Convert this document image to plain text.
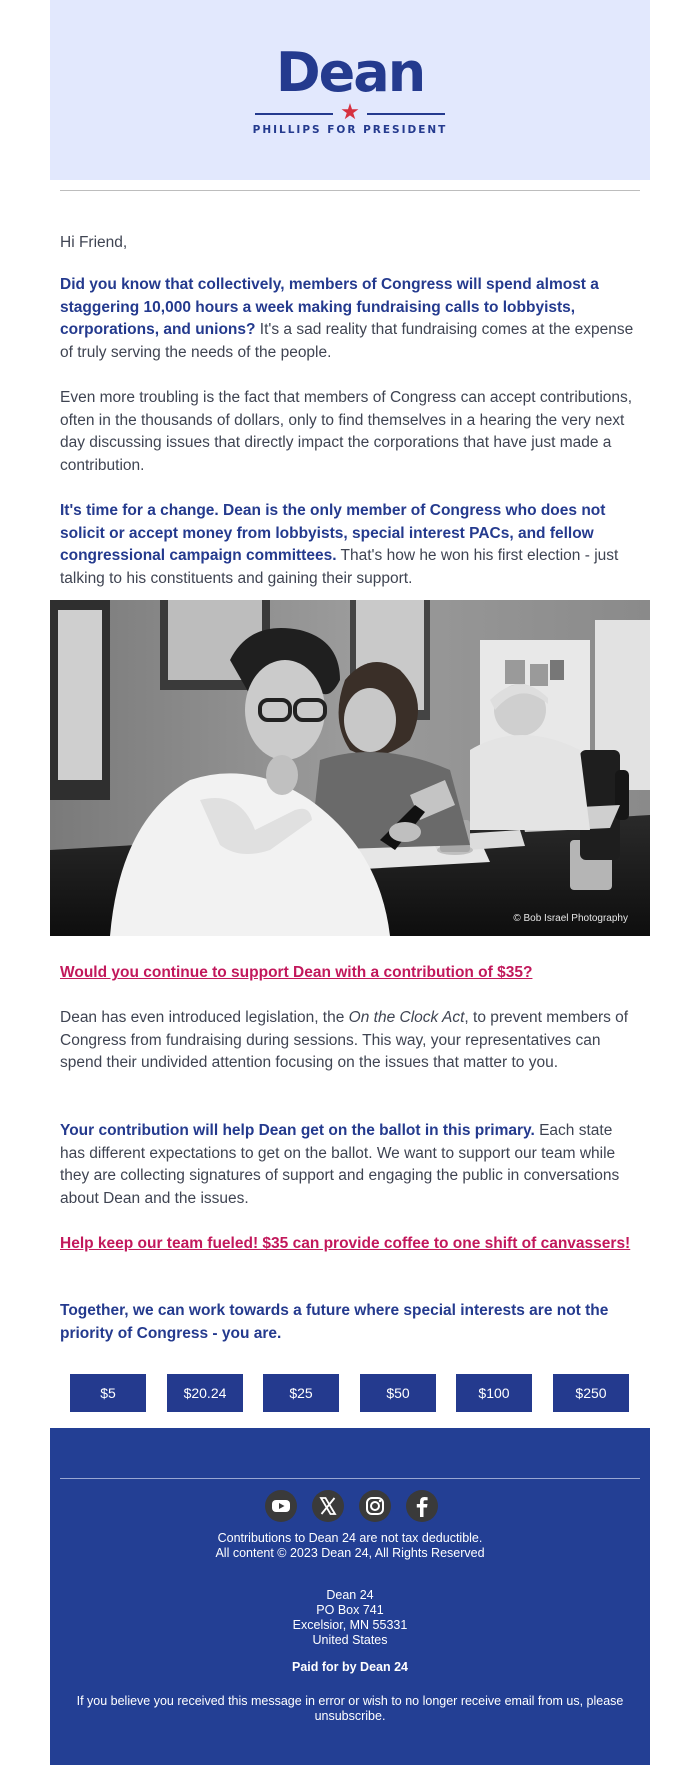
Dean
★
PHILLIPS FOR PRESIDENT

Hi Friend,

Did you know that collectively, members of Congress will spend almost a staggering 10,000 hours a week making fundraising calls to lobbyists, corporations, and unions? It's a sad reality that fundraising comes at the expense of truly serving the needs of the people.

Even more troubling is the fact that members of Congress can accept contributions, often in the thousands of dollars, only to find themselves in a hearing the very next day discussing issues that directly impact the corporations that have just made a contribution.

It's time for a change. Dean is the only member of Congress who does not solicit or accept money from lobbyists, special interest PACs, and fellow congressional campaign committees. That's how he won his first election - just talking to his constituents and gaining their support.

© Bob Israel Photography
Would you continue to support Dean with a contribution of $35?

Dean has even introduced legislation, the On the Clock Act, to prevent members of Congress from fundraising during sessions. This way, your representatives can spend their undivided attention focusing on the issues that matter to you.

Your contribution will help Dean get on the ballot in this primary. Each state has different expectations to get on the ballot. We want to support our team while they are collecting signatures of support and engaging the public in conversations about Dean and the issues.

Help keep our team fueled! $35 can provide coffee to one shift of canvassers!

Together, we can work towards a future where special interests are not the priority of Congress - you are.

$5	$20.24	$25	$50	$100	$250
Contributions to Dean 24 are not tax deductible.
All content © 2023 Dean 24, All Rights Reserved
Dean 24
PO Box 741
Excelsior, MN 55331
United States
Paid for by Dean 24
If you believe you received this message in error or wish to no longer receive email from us, please unsubscribe.
